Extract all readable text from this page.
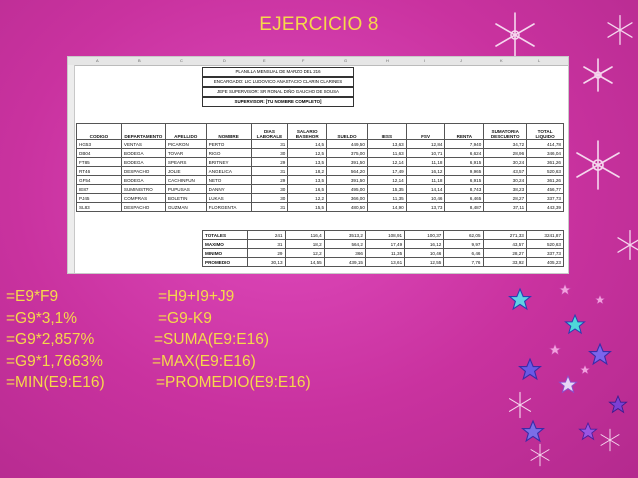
EJERCICIO 8
A	B	C	D	E	F	G	H	I	J	K	L
PLANILLA MENSUAL DE MARZO DEL 216
ENCARGADO: LIC LUDOVICO ANASTACIO CLARIN CLARINES
JEFE SUPERVISOR: SR RONAL DIÑO GAUCHO DE SOUSA
SUPERVISOR: [TU NOMBRE COMPLETO]
CODIGO	DEPARTAMENTO	APELLIDO	NOMBRE	DIAS LABORALE	SALARIO BASEHOR	SUELDO	IESS	FSV	RENTA	SUMATORIA DESCUENTO	TOTAL LIQUIDO
HG53	VENTAS	PICARON	PERTO	31	14,5	449,50	13,63	12,84	7,940	34,72	414,78
DB04	BODEGA	TOVAR	RIGO	30	12,5	375,00	11,63	10,71	6,624	28,96	346,04
FT85	BODEGA	SPEARS	BRITNEY	29	13,5	391,50	12,14	11,18	6,915	30,24	361,26
RT46	DESPACHO	JOLIE	ANGELICA	31	18,2	564,20	17,49	16,12	9,965	43,57	520,63
GF54	BODEGA	CACHINFUN	NETO	29	13,5	391,50	12,14	11,18	6,915	30,24	361,26
IE87	SUMINISTRO	PUPUSAS	DANNY	30	16,5	495,00	15,35	14,14	8,743	38,23	456,77
PJ45	COMPRAS	BOLETIN	LUKAS	30	12,2	366,00	11,35	10,46	6,465	28,27	337,73
SL83	DESPACHO	GUZMAN	FLORGENTA	31	15,5	480,50	14,90	13,73	8,487	37,11	443,39
TOTALES	241	116,4	3513,2	108,91	100,37	62,05	271,33	3241,87
MAXIMO	31	18,2	564,2	17,49	16,12	9,97	43,57	520,63
MINIMO	29	12,2	366	11,35	10,46	6,46	28,27	337,73
PROMEDIO	30,13	14,55	439,15	13,61	12,55	7,76	33,92	405,23
=E9*F9	=H9+I9+J9
=G9*3,1%	=G9-K9
=G9*2,857%	=SUMA(E9:E16)
=G9*1,7663%	=MAX(E9:E16)
=MIN(E9:E16)	=PROMEDIO(E9:E16)
